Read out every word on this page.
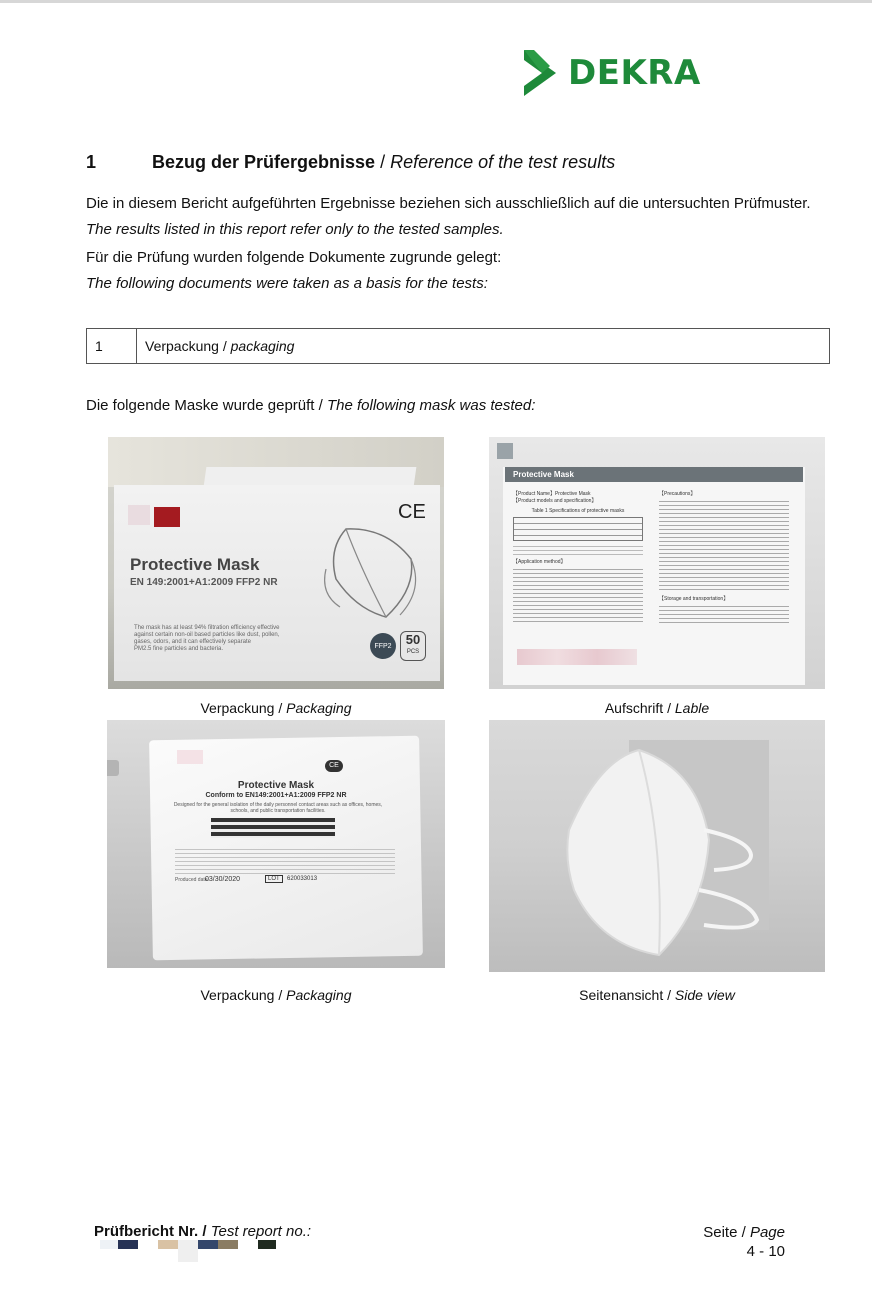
DEKRA
1	Bezug der Prüfergebnisse / Reference of the test results
Die in diesem Bericht aufgeführten Ergebnisse beziehen sich ausschließlich auf die untersuchten Prüfmuster.
The results listed in this report refer only to the tested samples.
Für die Prüfung wurden folgende Dokumente zugrunde gelegt:
The following documents were taken as a basis for the tests:
1	Verpackung / packaging
Die folgende Maske wurde geprüft / The following mask was tested:
CE
Protective Mask
EN 149:2001+A1:2009 FFP2 NR
The mask has at least 94% filtration efficiency effective
against certain non-oil based particles like dust, pollen,
gases, odors, and it can effectively separate
PM2.5 fine particles and bacteria.	FFP2	50
PCS
Verpackung / Packaging
Protective Mask
【Product Name】Protective Mask
【Product models and specification】
Table 1 Specifications of protective masks
【Application method】
【Precautions】
【Storage and transportation】
Aufschrift / Lable
CE
Protective Mask
Conform to EN149:2001+A1:2009 FFP2 NR
Designed for the general isolation of the daily personnel contact areas such as offices, homes, schools, and public transportation facilities.
Produced date:
03/30/2020	LOT	620033013
Verpackung / Packaging	Seitenansicht / Side view
Prüfbericht Nr. / Test report no.:	Seite / Page
4 - 10
